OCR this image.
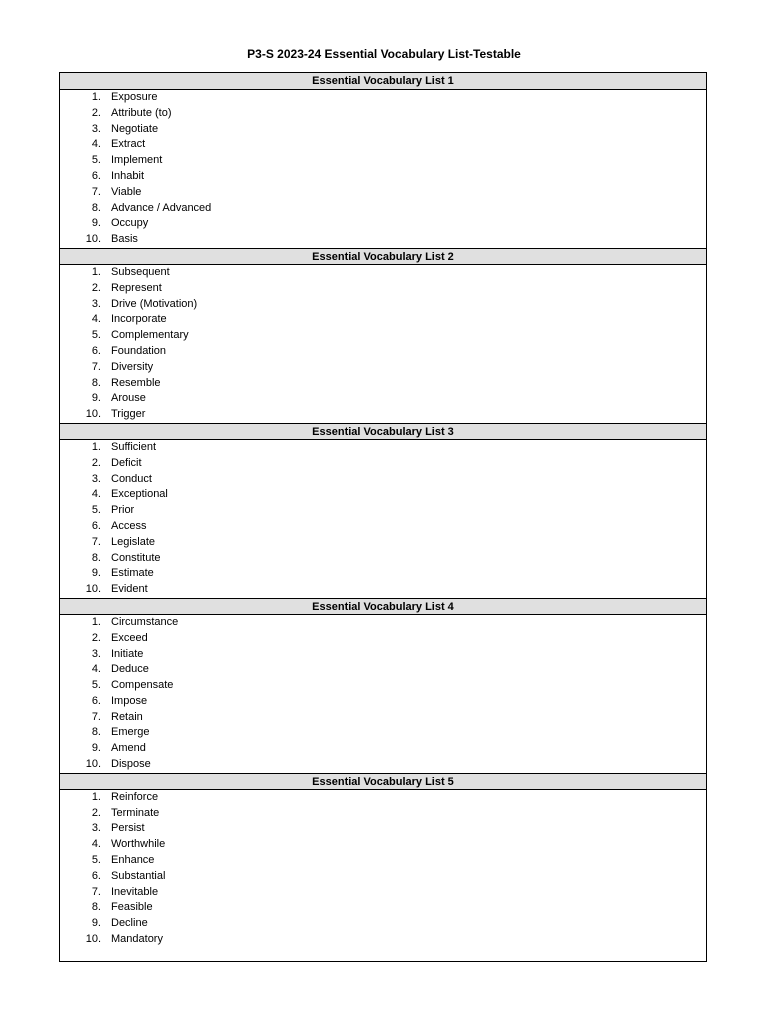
P3-S 2023-24 Essential Vocabulary List-Testable
Essential Vocabulary List 1
1. Exposure
2. Attribute (to)
3. Negotiate
4. Extract
5. Implement
6. Inhabit
7. Viable
8. Advance / Advanced
9. Occupy
10. Basis
Essential Vocabulary List 2
1. Subsequent
2. Represent
3. Drive (Motivation)
4. Incorporate
5. Complementary
6. Foundation
7. Diversity
8. Resemble
9. Arouse
10. Trigger
Essential Vocabulary List 3
1. Sufficient
2. Deficit
3. Conduct
4. Exceptional
5. Prior
6. Access
7. Legislate
8. Constitute
9. Estimate
10. Evident
Essential Vocabulary List 4
1. Circumstance
2. Exceed
3. Initiate
4. Deduce
5. Compensate
6. Impose
7. Retain
8. Emerge
9. Amend
10. Dispose
Essential Vocabulary List 5
1. Reinforce
2. Terminate
3. Persist
4. Worthwhile
5. Enhance
6. Substantial
7. Inevitable
8. Feasible
9. Decline
10. Mandatory
